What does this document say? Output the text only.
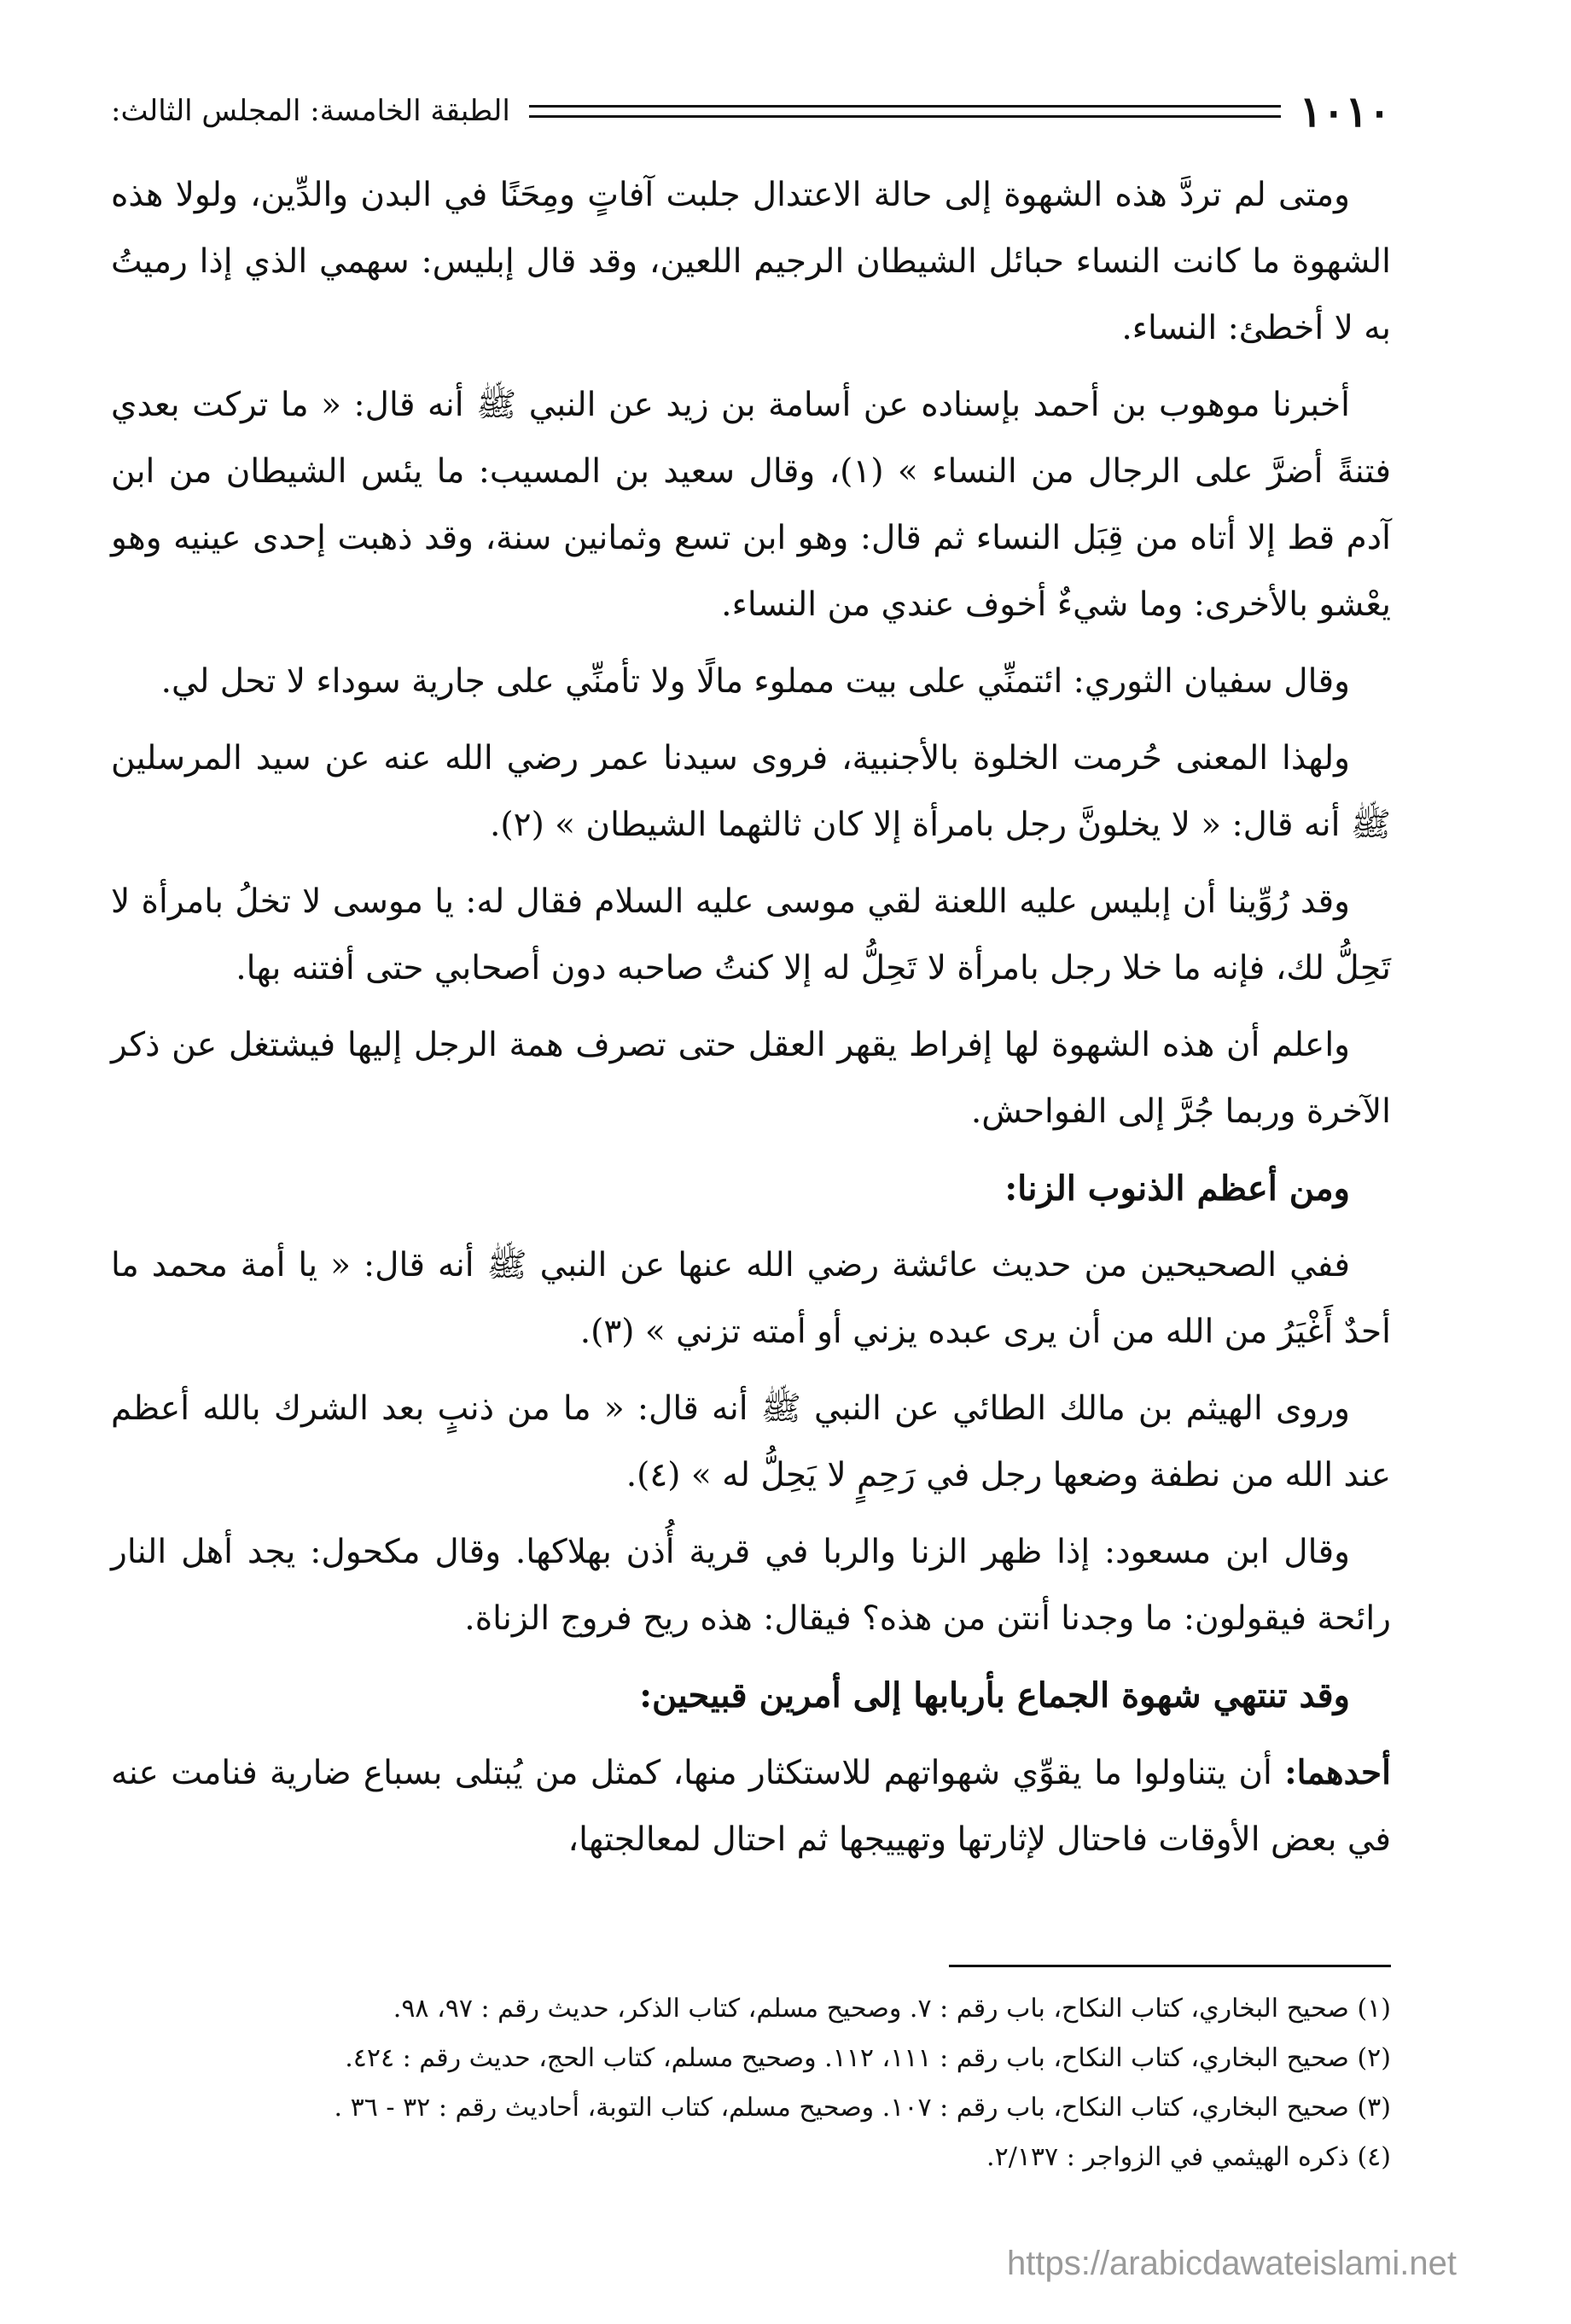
١٠١٠
الطبقة الخامسة: المجلس الثالث:

ومتى لم تردَّ هذه الشهوة إلى حالة الاعتدال جلبت آفاتٍ ومِحَنًا في البدن والدِّين، ولولا هذه الشهوة ما كانت النساء حبائل الشيطان الرجيم اللعين، وقد قال إبليس: سهمي الذي إذا رميتُ به لا أخطئ: النساء.

أخبرنا موهوب بن أحمد بإسناده عن أسامة بن زيد عن النبي ﷺ أنه قال: « ما تركت بعدي فتنةً أضرَّ على الرجال من النساء » (١)، وقال سعيد بن المسيب: ما يئس الشيطان من ابن آدم قط إلا أتاه من قِبَل النساء ثم قال: وهو ابن تسع وثمانين سنة، وقد ذهبت إحدى عينيه وهو يعْشو بالأخرى: وما شيءٌ أخوف عندي من النساء.

وقال سفيان الثوري: ائتمنِّي على بيت مملوء مالًا ولا تأمنِّي على جارية سوداء لا تحل لي.

ولهذا المعنى حُرمت الخلوة بالأجنبية، فروى سيدنا عمر رضي الله عنه عن سيد المرسلين ﷺ أنه قال: « لا يخلونَّ رجل بامرأة إلا كان ثالثهما الشيطان » (٢).

وقد رُوِّينا أن إبليس عليه اللعنة لقي موسى عليه السلام فقال له: يا موسى لا تخلُ بامرأة لا تَحِلُّ لك، فإنه ما خلا رجل بامرأة لا تَحِلُّ له إلا كنتُ صاحبه دون أصحابي حتى أفتنه بها.

واعلم أن هذه الشهوة لها إفراط يقهر العقل حتى تصرف همة الرجل إليها فيشتغل عن ذكر الآخرة وربما جُرَّ إلى الفواحش.

ومن أعظم الذنوب الزنا:

ففي الصحيحين من حديث عائشة رضي الله عنها عن النبي ﷺ أنه قال: « يا أمة محمد ما أحدٌ أَغْيَرُ من الله من أن يرى عبده يزني أو أمته تزني » (٣).

وروى الهيثم بن مالك الطائي عن النبي ﷺ أنه قال: « ما من ذنبٍ بعد الشرك بالله أعظم عند الله من نطفة وضعها رجل في رَحِمٍ لا يَحِلُّ له » (٤).

وقال ابن مسعود: إذا ظهر الزنا والربا في قرية أُذن بهلاكها. وقال مكحول: يجد أهل النار رائحة فيقولون: ما وجدنا أنتن من هذه؟ فيقال: هذه ريح فروج الزناة.

وقد تنتهي شهوة الجماع بأربابها إلى أمرين قبيحين:

أحدهما: أن يتناولوا ما يقوِّي شهواتهم للاستكثار منها، كمثل من يُبتلى بسباع ضارية فنامت عنه في بعض الأوقات فاحتال لإثارتها وتهييجها ثم احتال لمعالجتها،

(١) صحيح البخاري، كتاب النكاح، باب رقم : ٧. وصحيح مسلم، كتاب الذكر، حديث رقم : ٩٧، ٩٨.

(٢) صحيح البخاري، كتاب النكاح، باب رقم : ١١١، ١١٢. وصحيح مسلم، كتاب الحج، حديث رقم : ٤٢٤.

(٣) صحيح البخاري، كتاب النكاح، باب رقم : ١٠٧. وصحيح مسلم، كتاب التوبة، أحاديث رقم : ٣٢ - ٣٦ .

(٤) ذكره الهيثمي في الزواجر : ٢/١٣٧.

https://arabicdawateislami.net
